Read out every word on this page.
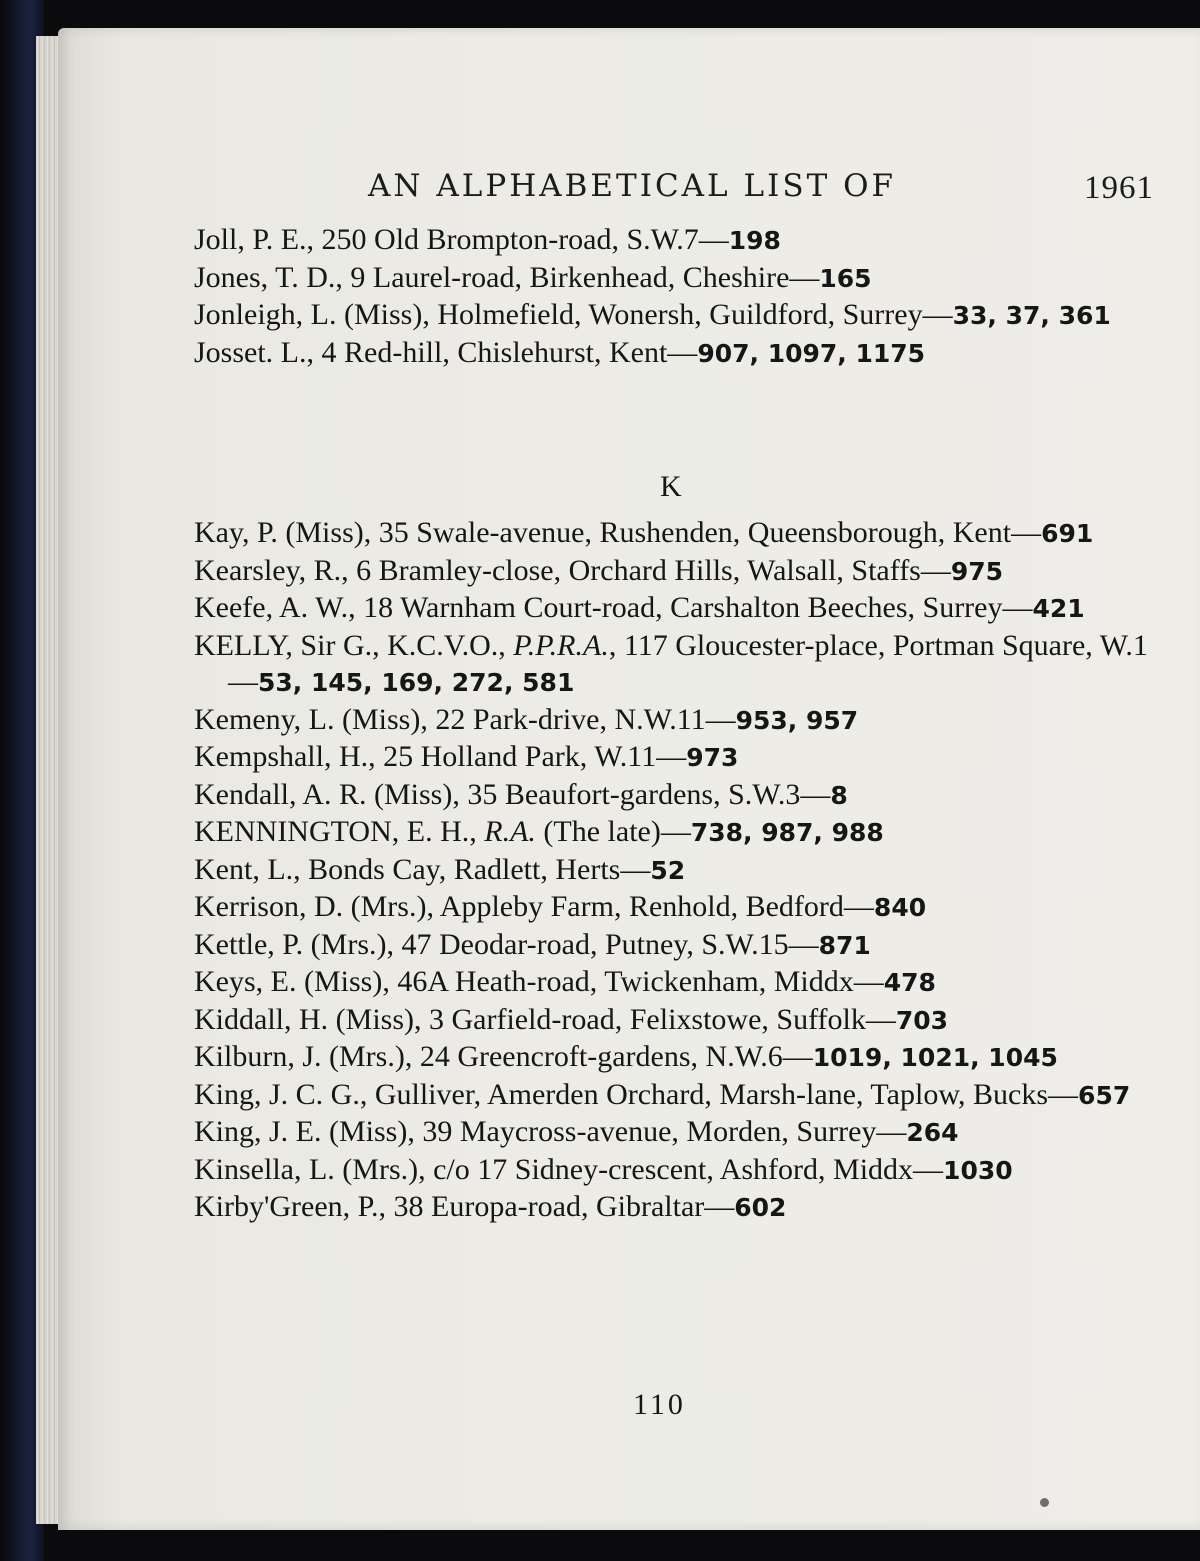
AN ALPHABETICAL LIST OF	1961

Joll, P. E., 250 Old Brompton-road, S.W.7—198

Jones, T. D., 9 Laurel-road, Birkenhead, Cheshire—165

Jonleigh, L. (Miss), Holmefield, Wonersh, Guildford, Surrey—33, 37, 361

Josset. L., 4 Red-hill, Chislehurst, Kent—907, 1097, 1175

K

Kay, P. (Miss), 35 Swale-avenue, Rushenden, Queensborough, Kent—691

Kearsley, R., 6 Bramley-close, Orchard Hills, Walsall, Staffs—975

Keefe, A. W., 18 Warnham Court-road, Carshalton Beeches, Surrey—421

KELLY, Sir G., K.C.V.O., P.P.R.A., 117 Gloucester-place, Portman Square, W.1—53, 145, 169, 272, 581

Kemeny, L. (Miss), 22 Park-drive, N.W.11—953, 957

Kempshall, H., 25 Holland Park, W.11—973

Kendall, A. R. (Miss), 35 Beaufort-gardens, S.W.3—8

KENNINGTON, E. H., R.A. (The late)—738, 987, 988

Kent, L., Bonds Cay, Radlett, Herts—52

Kerrison, D. (Mrs.), Appleby Farm, Renhold, Bedford—840

Kettle, P. (Mrs.), 47 Deodar-road, Putney, S.W.15—871

Keys, E. (Miss), 46A Heath-road, Twickenham, Middx—478

Kiddall, H. (Miss), 3 Garfield-road, Felixstowe, Suffolk—703

Kilburn, J. (Mrs.), 24 Greencroft-gardens, N.W.6—1019, 1021, 1045

King, J. C. G., Gulliver, Amerden Orchard, Marsh-lane, Taplow, Bucks—657

King, J. E. (Miss), 39 Maycross-avenue, Morden, Surrey—264

Kinsella, L. (Mrs.), c/o 17 Sidney-crescent, Ashford, Middx—1030

Kirby'Green, P., 38 Europa-road, Gibraltar—602

110
